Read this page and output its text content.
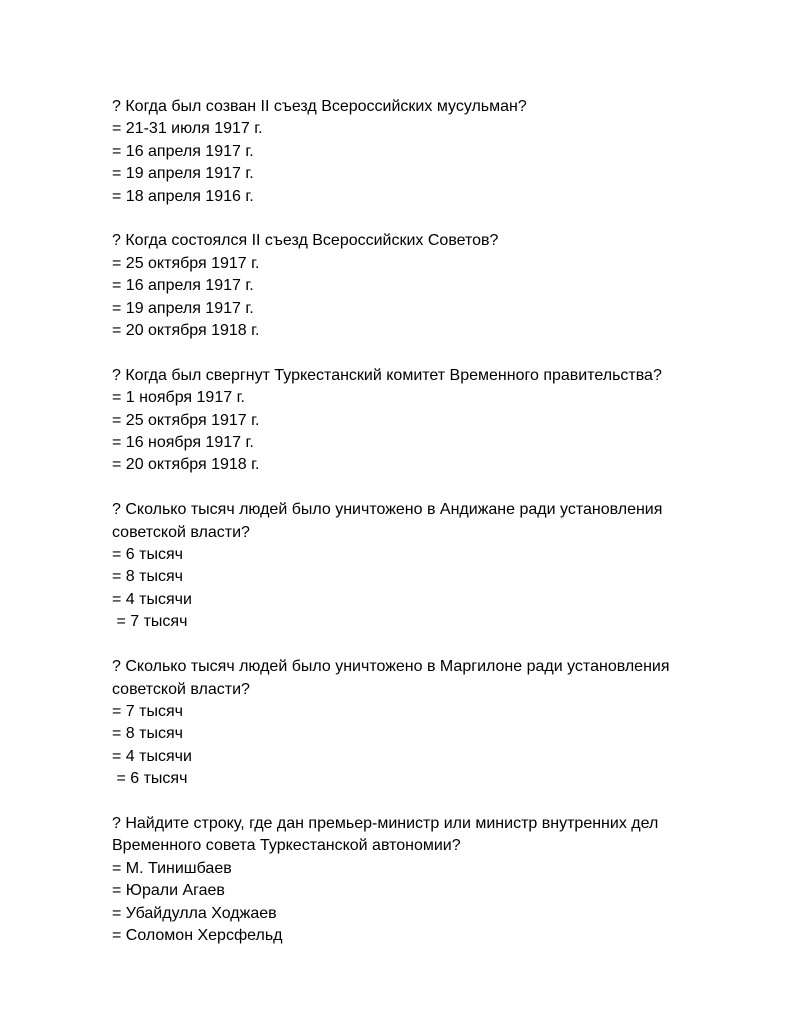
? Когда был созван II съезд Всероссийских мусульман?
= 21-31 июля 1917 г.
= 16 апреля 1917 г.
= 19 апреля 1917 г.
= 18 апреля 1916 г.
? Когда состоялся II съезд Всероссийских Советов?
= 25 октября 1917 г.
= 16 апреля 1917 г.
= 19 апреля 1917 г.
= 20 октября 1918 г.
? Когда был свергнут Туркестанский комитет Временного правительства?
= 1 ноября 1917 г.
= 25 октября 1917 г.
= 16 ноября 1917 г.
= 20 октября 1918 г.
? Сколько тысяч людей было уничтожено в Андижане ради установления советской власти?
= 6 тысяч
= 8 тысяч
= 4 тысячи
= 7 тысяч
? Сколько тысяч людей было уничтожено в Маргилоне ради установления советской власти?
= 7 тысяч
= 8 тысяч
= 4 тысячи
= 6 тысяч
? Найдите строку, где дан премьер-министр или министр внутренних дел Временного совета Туркестанской автономии?
= М. Тинишбаев
= Юрали Агаев
= Убайдулла Ходжаев
= Соломон Херсфельд
